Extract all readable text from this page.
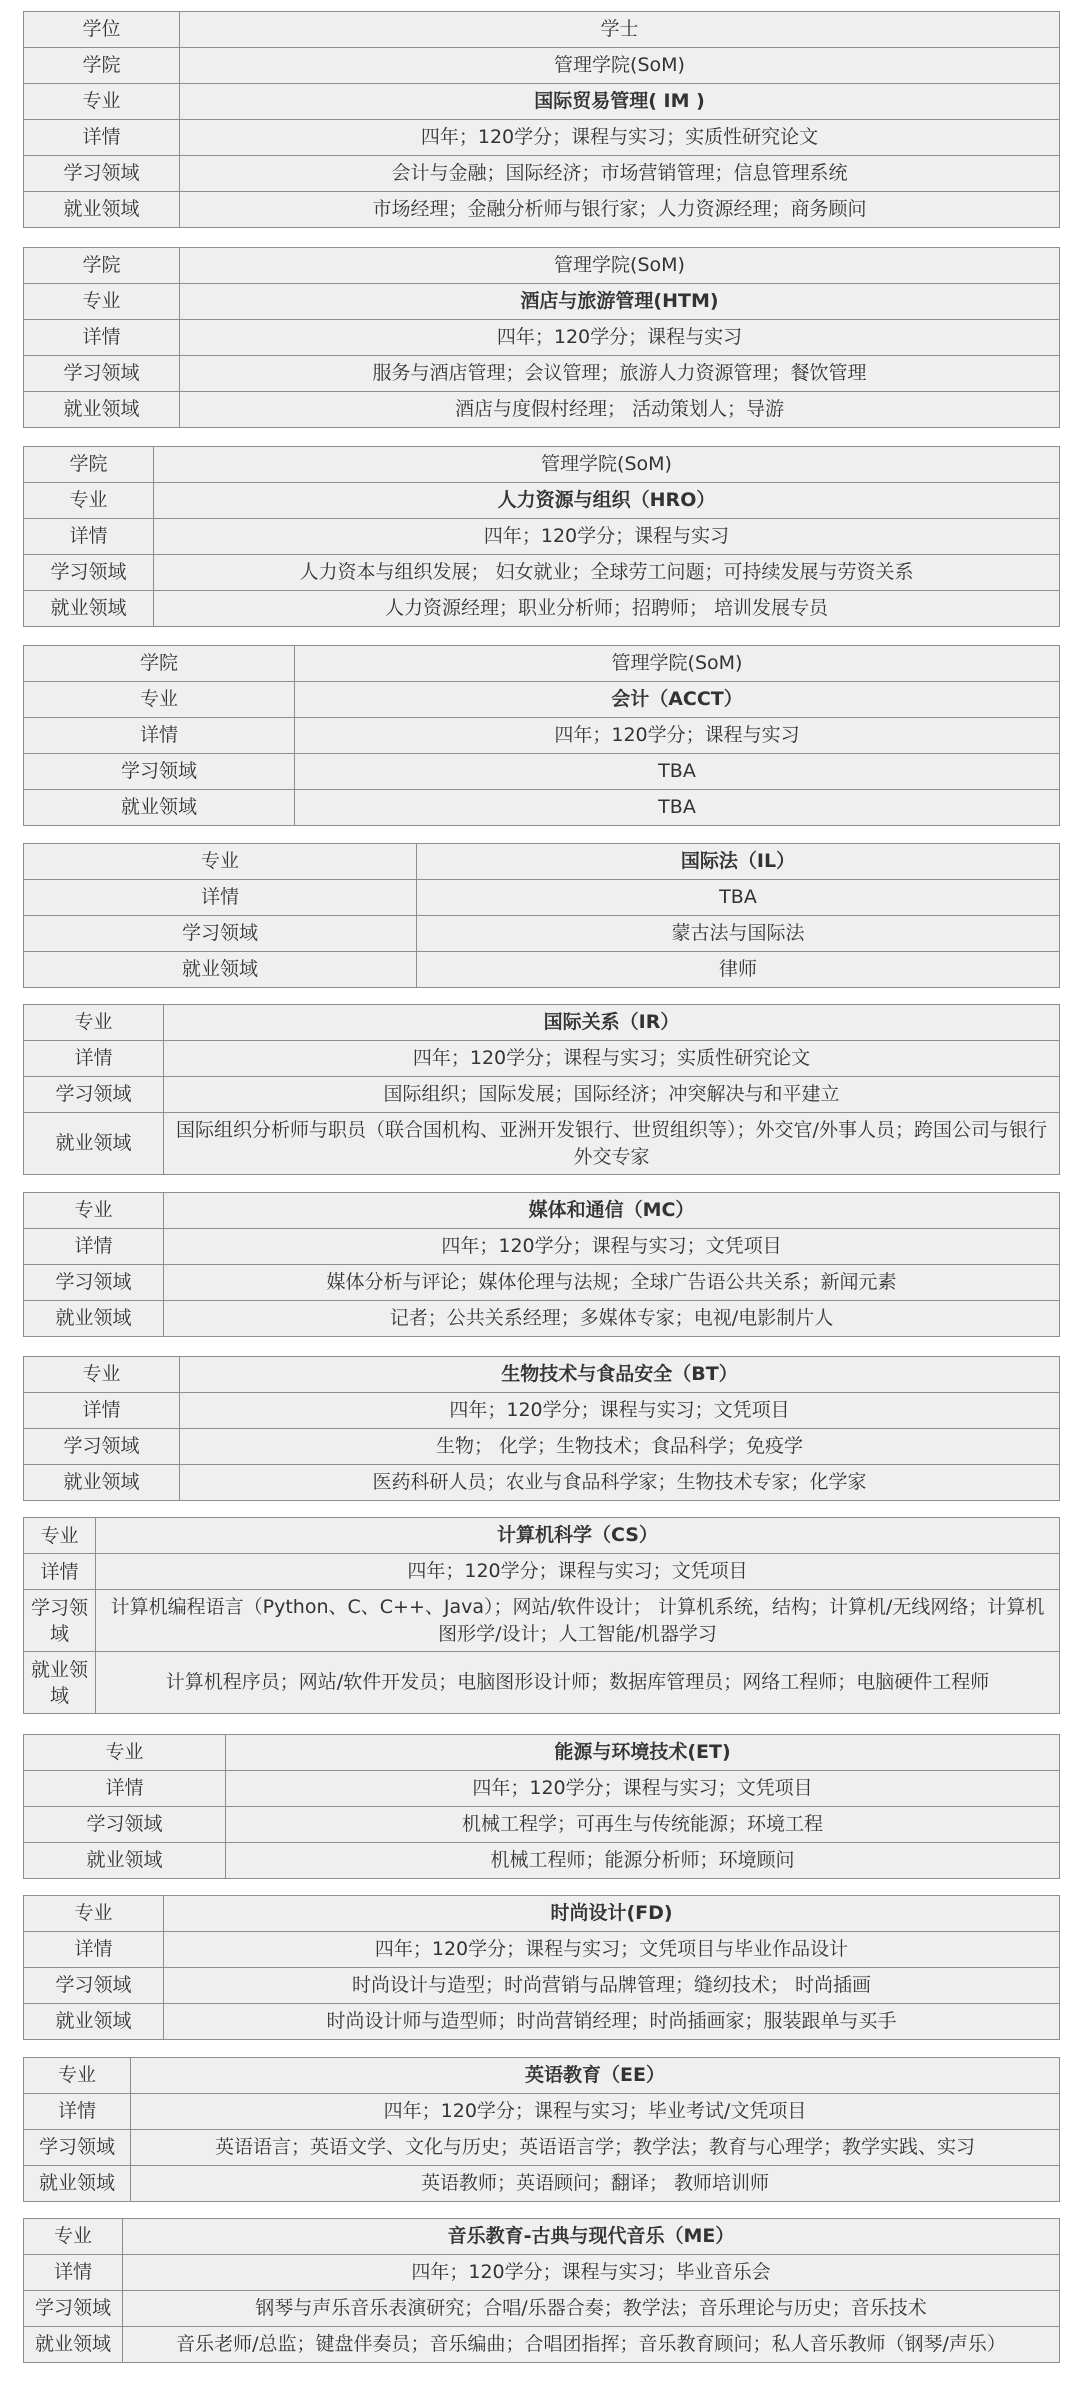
学位	学士
学院	管理学院(SoM)
专业	国际贸易管理( IM )
详情	四年；120学分；课程与实习；实质性研究论文
学习领域	会计与金融；国际经济；市场营销管理；信息管理系统
就业领域	市场经理；金融分析师与银行家；人力资源经理；商务顾问
学院	管理学院(SoM)
专业	酒店与旅游管理(HTM)
详情	四年；120学分；课程与实习
学习领域	服务与酒店管理；会议管理；旅游人力资源管理；餐饮管理
就业领域	酒店与度假村经理； 活动策划人；导游
学院	管理学院(SoM)
专业	人力资源与组织（HRO）
详情	四年；120学分；课程与实习
学习领域	人力资本与组织发展； 妇女就业；全球劳工问题；可持续发展与劳资关系
就业领域	人力资源经理；职业分析师；招聘师； 培训发展专员
学院	管理学院(SoM)
专业	会计（ACCT）
详情	四年；120学分；课程与实习
学习领域	TBA
就业领域	TBA
专业	国际法（IL）
详情	TBA
学习领域	蒙古法与国际法
就业领域	律师
专业	国际关系（IR）
详情	四年；120学分；课程与实习；实质性研究论文
学习领域	国际组织；国际发展；国际经济；冲突解决与和平建立
就业领域	国际组织分析师与职员（联合国机构、亚洲开发银行、世贸组织等）；外交官/外事人员；跨国公司与银行外交专家
专业	媒体和通信（MC）
详情	四年；120学分；课程与实习；文凭项目
学习领域	媒体分析与评论；媒体伦理与法规；全球广告语公共关系；新闻元素
就业领域	记者；公共关系经理；多媒体专家；电视/电影制片人
专业	生物技术与食品安全（BT）
详情	四年；120学分；课程与实习；文凭项目
学习领域	生物； 化学；生物技术；食品科学；免疫学
就业领域	医药科研人员；农业与食品科学家；生物技术专家；化学家
专业	计算机科学（CS）
详情	四年；120学分；课程与实习；文凭项目
学习领域	计算机编程语言（Python、C、C++、Java）；网站/软件设计； 计算机系统，结构；计算机/无线网络；计算机图形学/设计；人工智能/机器学习
就业领域	计算机程序员；网站/软件开发员；电脑图形设计师；数据库管理员；网络工程师；电脑硬件工程师
专业	能源与环境技术(ET)
详情	四年；120学分；课程与实习；文凭项目
学习领域	机械工程学；可再生与传统能源；环境工程
就业领域	机械工程师；能源分析师；环境顾问
专业	时尚设计(FD)
详情	四年；120学分；课程与实习；文凭项目与毕业作品设计
学习领域	时尚设计与造型；时尚营销与品牌管理；缝纫技术； 时尚插画
就业领域	时尚设计师与造型师；时尚营销经理；时尚插画家；服装跟单与买手
专业	英语教育（EE）
详情	四年；120学分；课程与实习；毕业考试/文凭项目
学习领域	英语语言；英语文学、文化与历史；英语语言学；教学法；教育与心理学；教学实践、实习
就业领域	英语教师；英语顾问；翻译； 教师培训师
专业	音乐教育-古典与现代音乐（ME）
详情	四年；120学分；课程与实习；毕业音乐会
学习领域	钢琴与声乐音乐表演研究；合唱/乐器合奏；教学法；音乐理论与历史；音乐技术
就业领域	音乐老师/总监；键盘伴奏员；音乐编曲；合唱团指挥；音乐教育顾问；私人音乐教师（钢琴/声乐）
